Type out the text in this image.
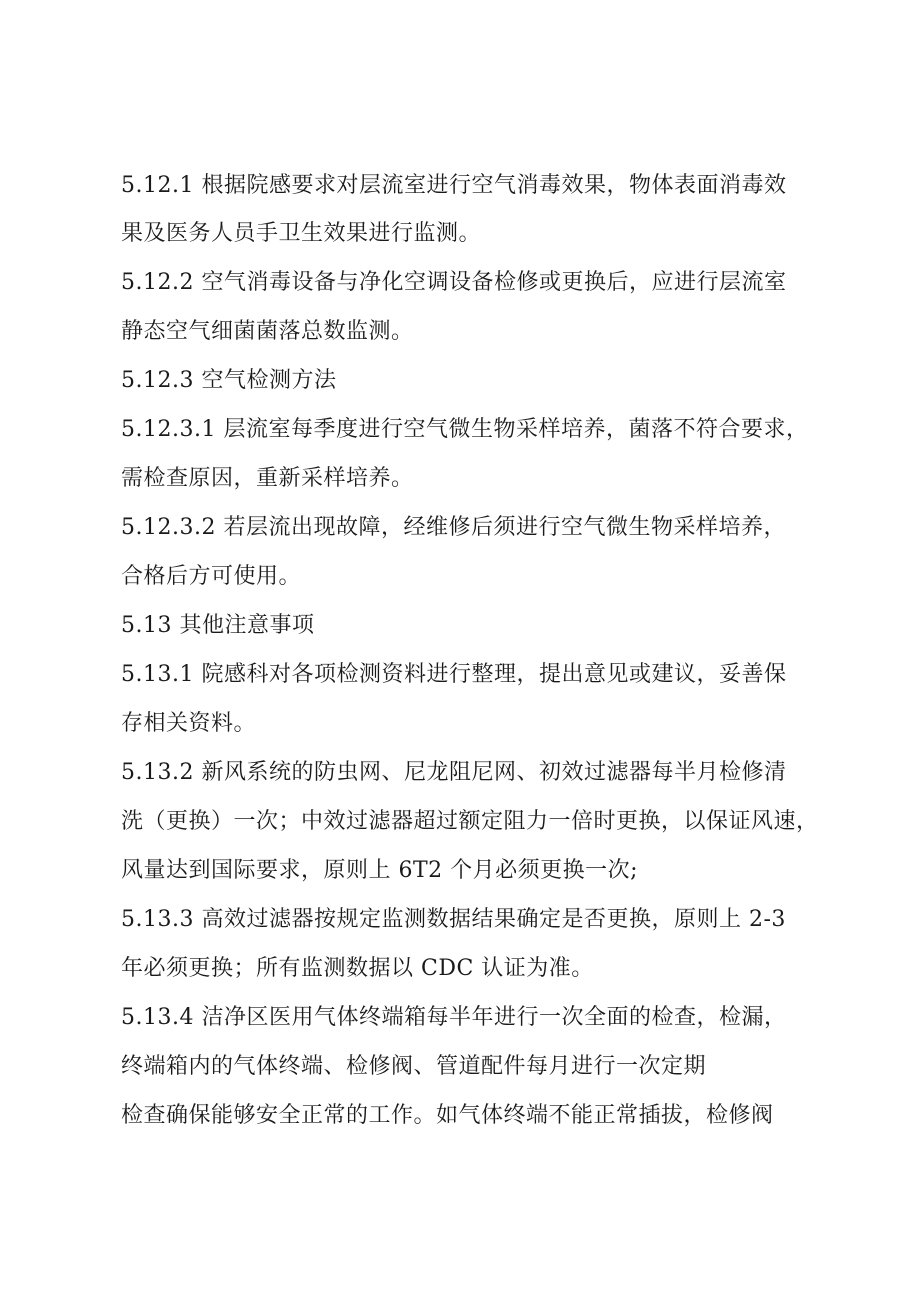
5.12.1 根据院感要求对层流室进行空气消毒效果，物体表面消毒效
果及医务人员手卫生效果进行监测。
5.12.2 空气消毒设备与净化空调设备检修或更换后，应进行层流室
静态空气细菌菌落总数监测。
5.12.3 空气检测方法
5.12.3.1 层流室每季度进行空气微生物采样培养，菌落不符合要求，
需检查原因，重新采样培养。
5.12.3.2 若层流出现故障，经维修后须进行空气微生物采样培养，
合格后方可使用。
5.13 其他注意事项
5.13.1 院感科对各项检测资料进行整理，提出意见或建议，妥善保
存相关资料。
5.13.2 新风系统的防虫网、尼龙阻尼网、初效过滤器每半月检修清
洗（更换）一次；中效过滤器超过额定阻力一倍时更换，以保证风速，
风量达到国际要求，原则上 6T2 个月必须更换一次;
5.13.3 高效过滤器按规定监测数据结果确定是否更换，原则上 2-3
年必须更换；所有监测数据以 CDC 认证为准。
5.13.4 洁净区医用气体终端箱每半年进行一次全面的检查，检漏，
终端箱内的气体终端、检修阀、管道配件每月进行一次定期
检查确保能够安全正常的工作。如气体终端不能正常插拔，检修阀
